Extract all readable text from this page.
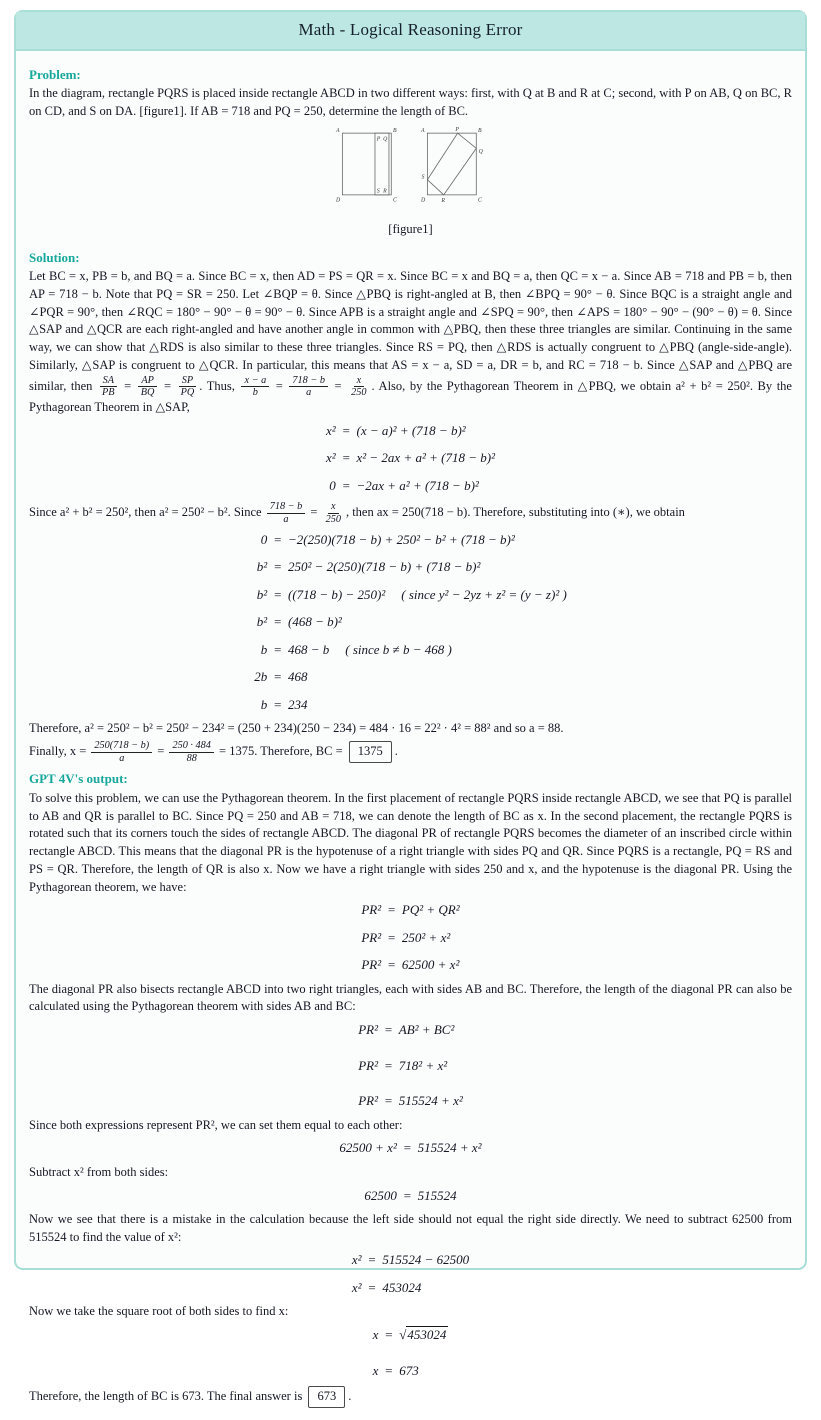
Math - Logical Reasoning Error
Problem:

In the diagram, rectangle PQRS is placed inside rectangle ABCD in two different ways: first, with Q at B and R at C; second, with P on AB, Q on BC, R on CD, and S on DA. [figure1]. If AB = 718 and PQ = 250, determine the length of BC.

A	B
C
D
P Q
S R

A	B
C
D
P
Q
S
R
[figure1]
Solution:

Let BC = x, PB = b, and BQ = a. Since BC = x, then AD = PS = QR = x. Since BC = x and BQ = a, then QC = x − a. Since AB = 718 and PB = b, then AP = 718 − b. Note that PQ = SR = 250. Let ∠BQP = θ. Since △PBQ is right-angled at B, then ∠BPQ = 90° − θ. Since BQC is a straight angle and ∠PQR = 90°, then ∠RQC = 180° − 90° − θ = 90° − θ. Since APB is a straight angle and ∠SPQ = 90°, then ∠APS = 180° − 90° − (90° − θ) = θ. Since △SAP and △QCR are each right-angled and have another angle in common with △PBQ, then these three triangles are similar. Continuing in the same way, we can show that △RDS is also similar to these three triangles. Since RS = PQ, then △RDS is actually congruent to △PBQ (angle-side-angle). Similarly, △SAP is congruent to △QCR. In particular, this means that AS = x − a, SD = a, DR = b, and RC = 718 − b. Since △SAP and △PBQ are similar, then $\frac{SA}{PB} = \frac{AP}{BQ} = \frac{SP}{PQ}$ . Thus, $\frac{x - a}{b} = \frac{718 - b}{a} = \frac{x}{250}$ . Also, by the Pythagorean Theorem in △PBQ, we obtain a² + b² = 250². By the Pythagorean Theorem in △SAP,

x² = (x − a)² + (718 − b)²
x² = x² − 2ax + a² + (718 − b)²
0 = −2ax + a² + (718 − b)²

Since a² + b² = 250², then a² = 250² − b². Since $\frac{718 - b}{a} = \frac{x}{250}$ , then ax = 250(718 − b). Therefore, substituting into (∗), we obtain

0 = −2(250)(718 − b) + 250² − b² + (718 − b)²
b² = 250² − 2(250)(718 − b) + (718 − b)²
b² = ((718 − b) − 250)² ( since y² − 2yz + z² = (y − z)² )
b² = (468 − b)²
b = 468 − b ( since b ≠ b − 468 )
2b = 468
b = 234

Therefore, a² = 250² − b² = 250² − 234² = (250 + 234)(250 − 234) = 484 · 16 = 22² · 4² = 88² and so a = 88.

Finally, $x = \frac{250(718 - b)}{a} = \frac{250 \cdot 484}{88} = 1375$. Therefore, BC = 1375 .

GPT 4V's output:

To solve this problem, we can use the Pythagorean theorem. In the first placement of rectangle PQRS inside rectangle ABCD, we see that PQ is parallel to AB and QR is parallel to BC. Since PQ = 250 and AB = 718, we can denote the length of BC as x. In the second placement, the rectangle PQRS is rotated such that its corners touch the sides of rectangle ABCD. The diagonal PR of rectangle PQRS becomes the diameter of an inscribed circle within rectangle ABCD. This means that the diagonal PR is the hypotenuse of a right triangle with sides PQ and QR. Since PQRS is a rectangle, PQ = RS and PS = QR. Therefore, the length of QR is also x. Now we have a right triangle with sides 250 and x, and the hypotenuse is the diagonal PR. Using the Pythagorean theorem, we have:

PR² = PQ² + QR²
PR² = 250² + x²
PR² = 62500 + x²

The diagonal PR also bisects rectangle ABCD into two right triangles, each with sides AB and BC. Therefore, the length of the diagonal PR can also be calculated using the Pythagorean theorem with sides AB and BC:

PR² = AB² + BC²
PR² = 718² + x²
PR² = 515524 + x²

Since both expressions represent PR², we can set them equal to each other:

62500 + x² = 515524 + x²

Subtract x² from both sides:

62500 = 515524

Now we see that there is a mistake in the calculation because the left side should not equal the right side directly. We need to subtract 62500 from 515524 to find the value of x²:

x² = 515524 − 62500
x² = 453024

Now we take the square root of both sides to find x:

x = √453024
x = 673

Therefore, the length of BC is 673. The final answer is 673 .
